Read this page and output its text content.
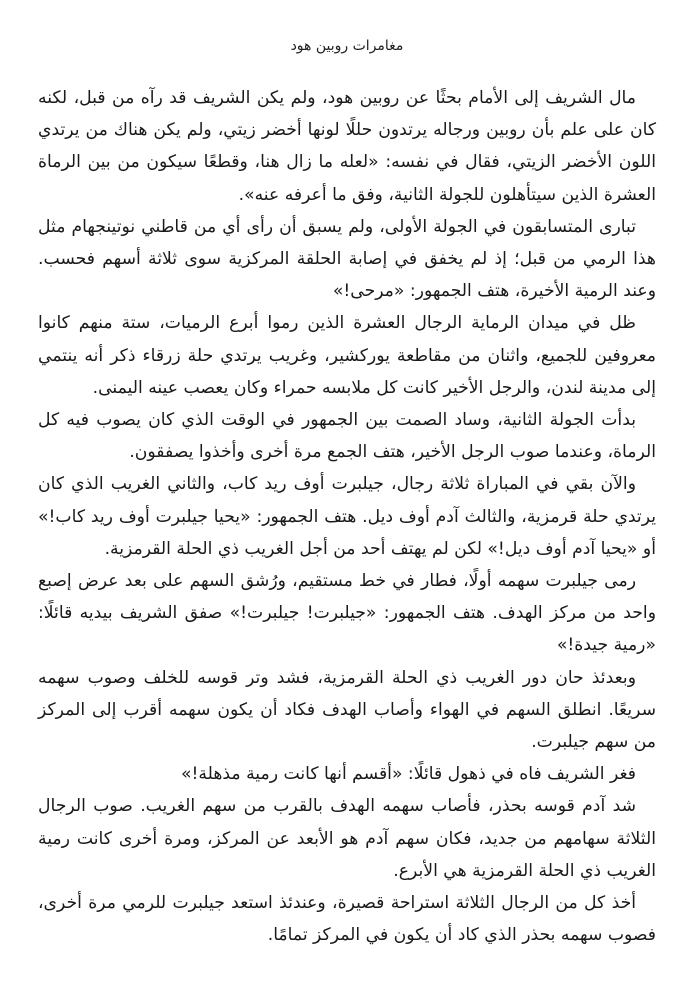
مغامرات روبين هود

مال الشريف إلى الأمام بحثًا عن روبين هود، ولم يكن الشريف قد رآه من قبل، لكنه كان على علم بأن روبين ورجاله يرتدون حللًا لونها أخضر زيتي، ولم يكن هناك من يرتدي اللون الأخضر الزيتي، فقال في نفسه: «لعله ما زال هنا، وقطعًا سيكون من بين الرماة العشرة الذين سيتأهلون للجولة الثانية، وفق ما أعرفه عنه».

تبارى المتسابقون في الجولة الأولى، ولم يسبق أن رأى أي من قاطني نوتينجهام مثل هذا الرمي من قبل؛ إذ لم يخفق في إصابة الحلقة المركزية سوى ثلاثة أسهم فحسب. وعند الرمية الأخيرة، هتف الجمهور: «مرحى!»

ظل في ميدان الرماية الرجال العشرة الذين رموا أبرع الرميات، ستة منهم كانوا معروفين للجميع، واثنان من مقاطعة يوركشير، وغريب يرتدي حلة زرقاء ذكر أنه ينتمي إلى مدينة لندن، والرجل الأخير كانت كل ملابسه حمراء وكان يعصب عينه اليمنى.

بدأت الجولة الثانية، وساد الصمت بين الجمهور في الوقت الذي كان يصوب فيه كل الرماة، وعندما صوب الرجل الأخير، هتف الجمع مرة أخرى وأخذوا يصفقون.

والآن بقي في المباراة ثلاثة رجال، جيلبرت أوف ريد كاب، والثاني الغريب الذي كان يرتدي حلة قرمزية، والثالث آدم أوف ديل. هتف الجمهور: «يحيا جيلبرت أوف ريد كاب!» أو «يحيا آدم أوف ديل!» لكن لم يهتف أحد من أجل الغريب ذي الحلة القرمزية.

رمى جيلبرت سهمه أولًا، فطار في خط مستقيم، ورُشق السهم على بعد عرض إصبع واحد من مركز الهدف. هتف الجمهور: «جيلبرت! جيلبرت!» صفق الشريف بيديه قائلًا: «رمية جيدة!»

وبعدئذ حان دور الغريب ذي الحلة القرمزية، فشد وتر قوسه للخلف وصوب سهمه سريعًا. انطلق السهم في الهواء وأصاب الهدف فكاد أن يكون سهمه أقرب إلى المركز من سهم جيلبرت.

فغر الشريف فاه في ذهول قائلًا: «أقسم أنها كانت رمية مذهلة!»

شد آدم قوسه بحذر، فأصاب سهمه الهدف بالقرب من سهم الغريب. صوب الرجال الثلاثة سهامهم من جديد، فكان سهم آدم هو الأبعد عن المركز، ومرة أخرى كانت رمية الغريب ذي الحلة القرمزية هي الأبرع.

أخذ كل من الرجال الثلاثة استراحة قصيرة، وعندئذ استعد جيلبرت للرمي مرة أخرى، فصوب سهمه بحذر الذي كاد أن يكون في المركز تمامًا.
